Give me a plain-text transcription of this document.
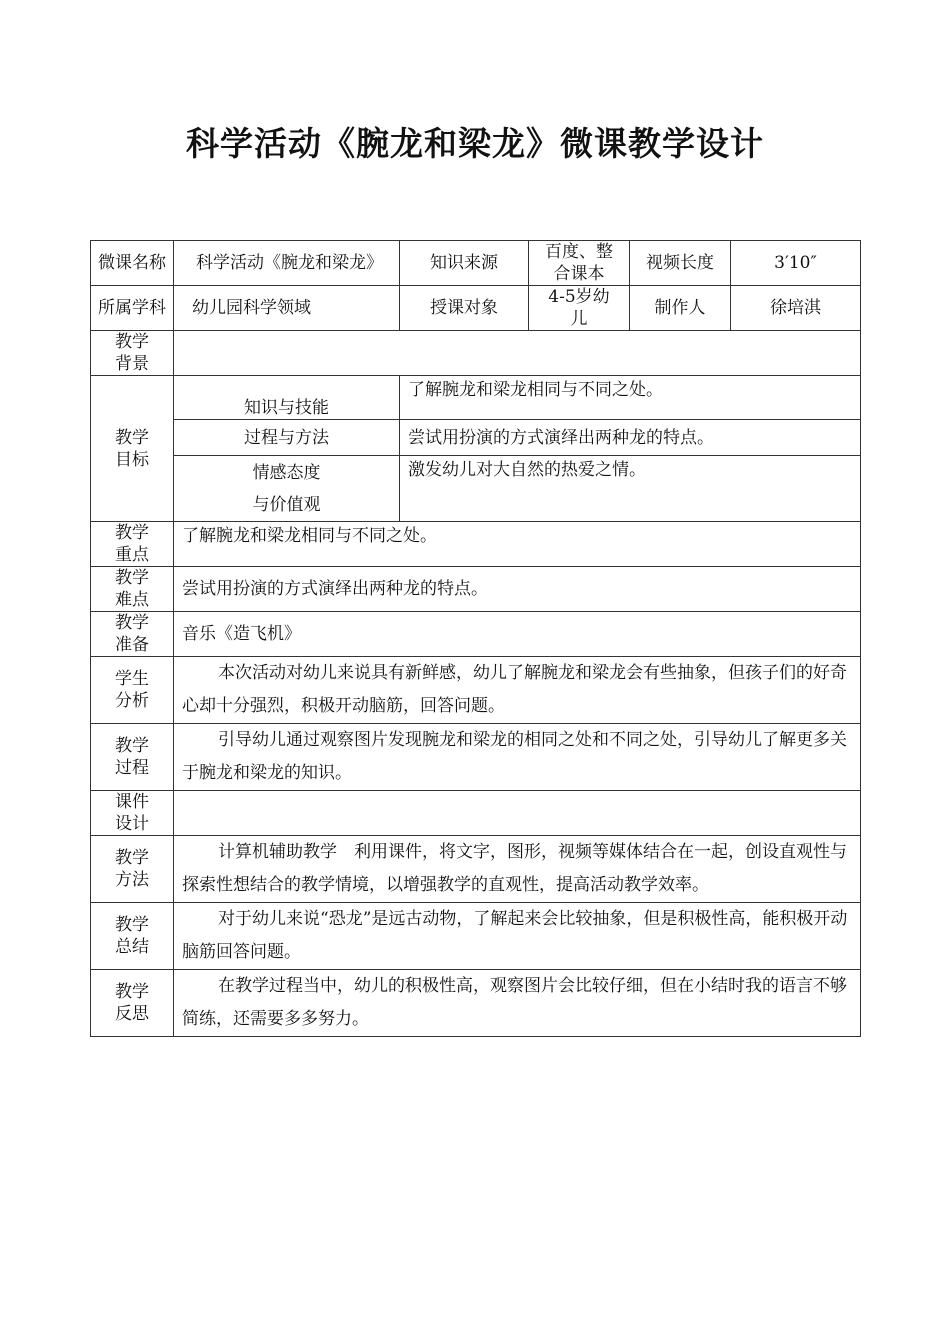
科学活动《腕龙和梁龙》微课教学设计
微课名称	科学活动《腕龙和梁龙》	知识来源	百度、整合课本	视频长度	3′10″
所属学科	幼儿园科学领域	授课对象	4-5岁幼儿	制作人	徐培淇
教学背景					
教学目标	知识与技能	了解腕龙和梁龙相同与不同之处。			
	过程与方法	尝试用扮演的方式演绎出两种龙的特点。			

	情感态度
与价值观	激发幼儿对大自然的热爱之情。			
教学重点	了解腕龙和梁龙相同与不同之处。				
教学难点	尝试用扮演的方式演绎出两种龙的特点。				
教学准备	音乐《造飞机》				
学生分析	本次活动对幼儿来说具有新鲜感，幼儿了解腕龙和梁龙会有些抽象，但孩子们的好奇心却十分强烈，积极开动脑筋，回答问题。				
教学过程	引导幼儿通过观察图片发现腕龙和梁龙的相同之处和不同之处，引导幼儿了解更多关于腕龙和梁龙的知识。				
课件设计					
教学方法	计算机辅助教学　利用课件，将文字，图形，视频等媒体结合在一起，创设直观性与探索性想结合的教学情境，以增强教学的直观性，提高活动教学效率。				
教学总结	对于幼儿来说“恐龙”是远古动物，了解起来会比较抽象，但是积极性高，能积极开动脑筋回答问题。				
教学反思	在教学过程当中，幼儿的积极性高，观察图片会比较仔细，但在小结时我的语言不够简练，还需要多多努力。				
